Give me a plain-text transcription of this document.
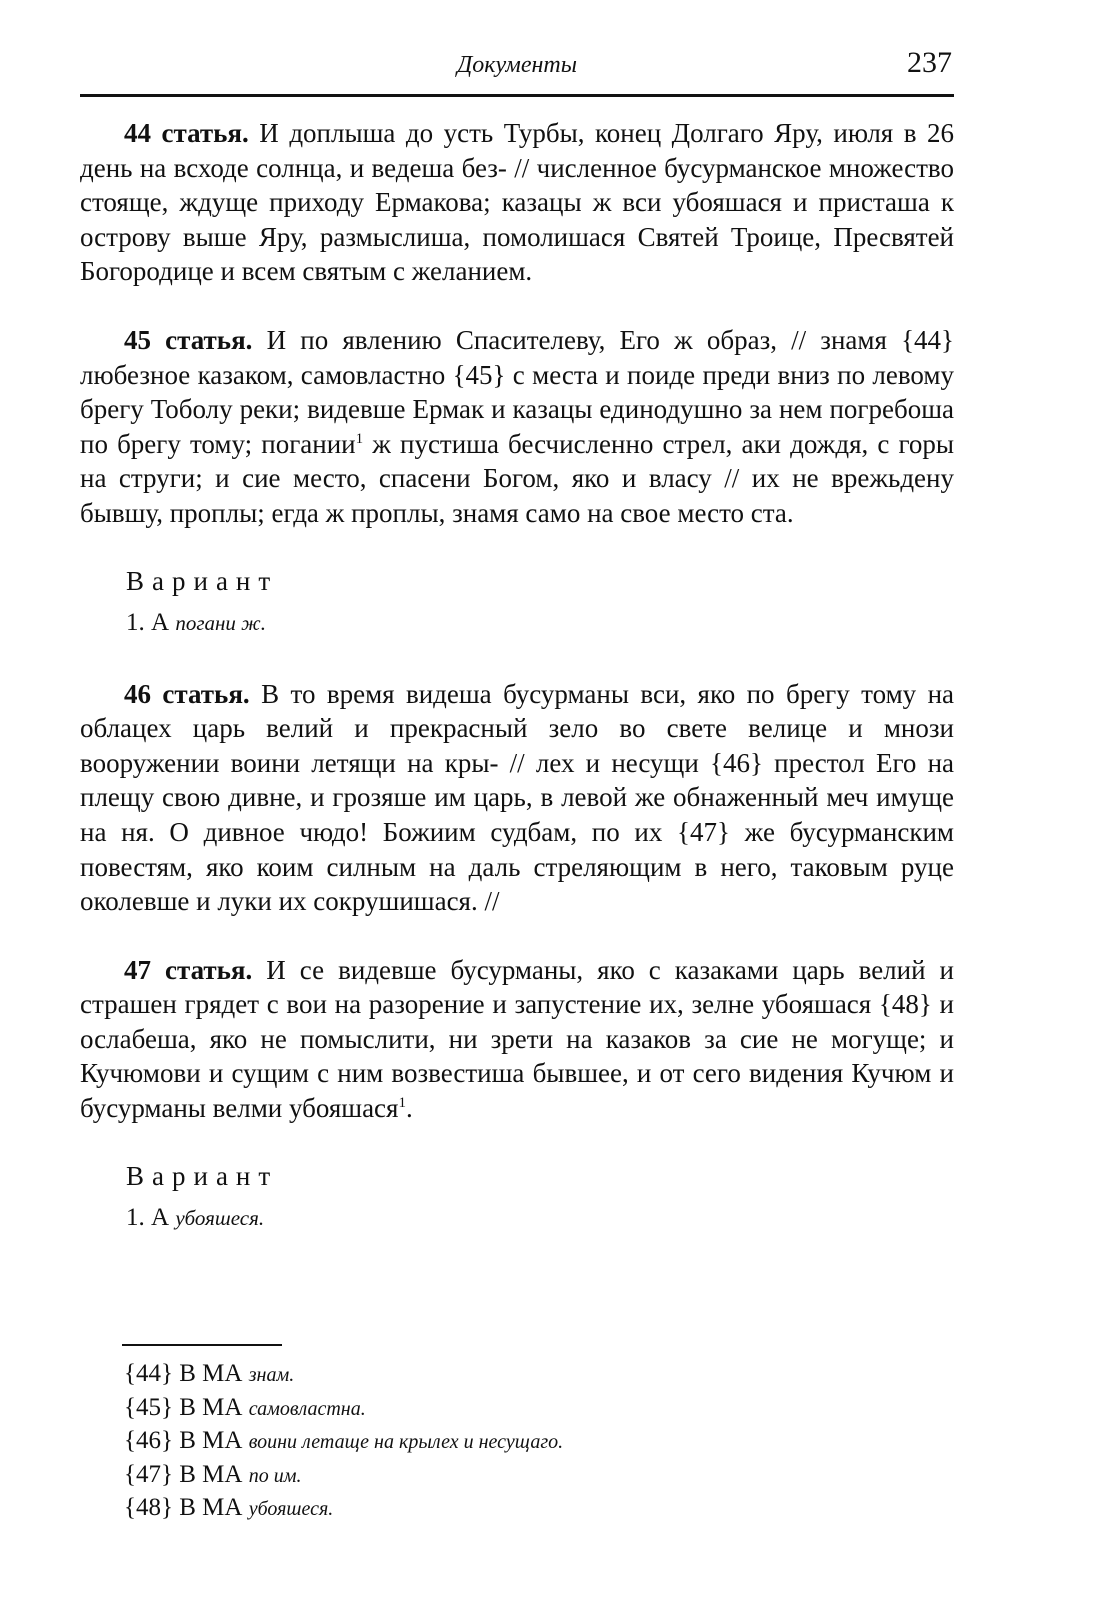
Документы	237

44 статья. И доплыша до усть Турбы, конец Долгаго Яру, июля в 26 день на всходе солнца, и ведеша без- // численное бусурманское множество стояще, ждуще приходу Ермакова; казацы ж вси убояшася и присташа к острову выше Яру, размыслиша, помолишася Святей Троице, Пресвятей Богородице и всем святым с желанием.

45 статья. И по явлению Спасителеву, Его ж образ, // знамя {44} любезное казаком, самовластно {45} с места и поиде преди вниз по левому брегу Тоболу реки; видевше Ермак и казацы единодушно за нем погребоша по брегу тому; погании$^1$ ж пустиша бесчисленно стрел, аки дождя, с горы на струги; и сие место, спасени Богом, яко и власу // их не врежьдену бывшу, проплы; егда ж проплы, знамя само на свое место ста.

Вариант
1. А погани ж.

46 статья. В то время видеша бусурманы вси, яко по брегу тому на облацех царь велий и прекрасный зело во свете велице и мнози вооружении воини летящи на кры- // лех и несущи {46} престол Его на плещу свою дивне, и грозяше им царь, в левой же обнаженный меч имуще на ня. О дивное чюдо! Божиим судбам, по их {47} же бусурманским повестям, яко коим силным на даль стреляющим в него, таковым руце околевше и луки их сокрушишася. //

47 статья. И се видевше бусурманы, яко с казаками царь велий и страшен грядет с вои на разорение и запустение их, зелне убояшася {48} и ослабеша, яко не помыслити, ни зрети на казаков за сие не могуще; и Кучюмови и сущим с ним возвестиша бывшее, и от сего видения Кучюм и бусурманы велми убояшася$^1$.

Вариант
1. А убояшеся.

{44} В МА знам.

{45} В МА самовластна.

{46} В МА воини летаще на крылех и несущаго.

{47} В МА по им.

{48} В МА убояшеся.
